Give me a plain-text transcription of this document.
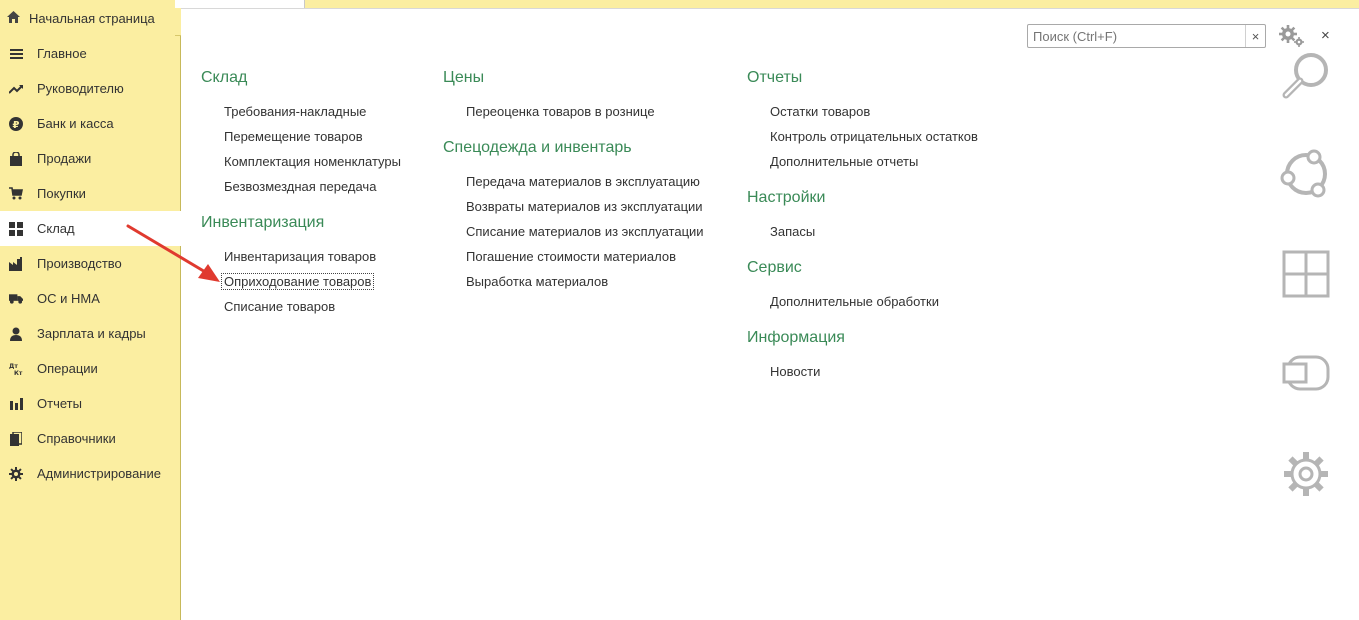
Начальная страница
Главное
Руководителю
₽ Банк и касса
Продажи
Покупки
Склад
Производство
ОС и НМА
Зарплата и кадры
Дт
Кт Операции
Отчеты
Справочники
Администрирование
Поиск (Ctrl+F)
×	×
Склад
Требования-накладные
Перемещение товаров
Комплектация номенклатуры
Безвозмездная передача
Инвентаризация
Инвентаризация товаров
Оприходование товаров
Списание товаров
Цены
Переоценка товаров в рознице
Спецодежда и инвентарь
Передача материалов в эксплуатацию
Возвраты материалов из эксплуатации
Списание материалов из эксплуатации
Погашение стоимости материалов
Выработка материалов
Отчеты
Остатки товаров
Контроль отрицательных остатков
Дополнительные отчеты
Настройки
Запасы
Сервис
Дополнительные обработки
Информация
Новости
